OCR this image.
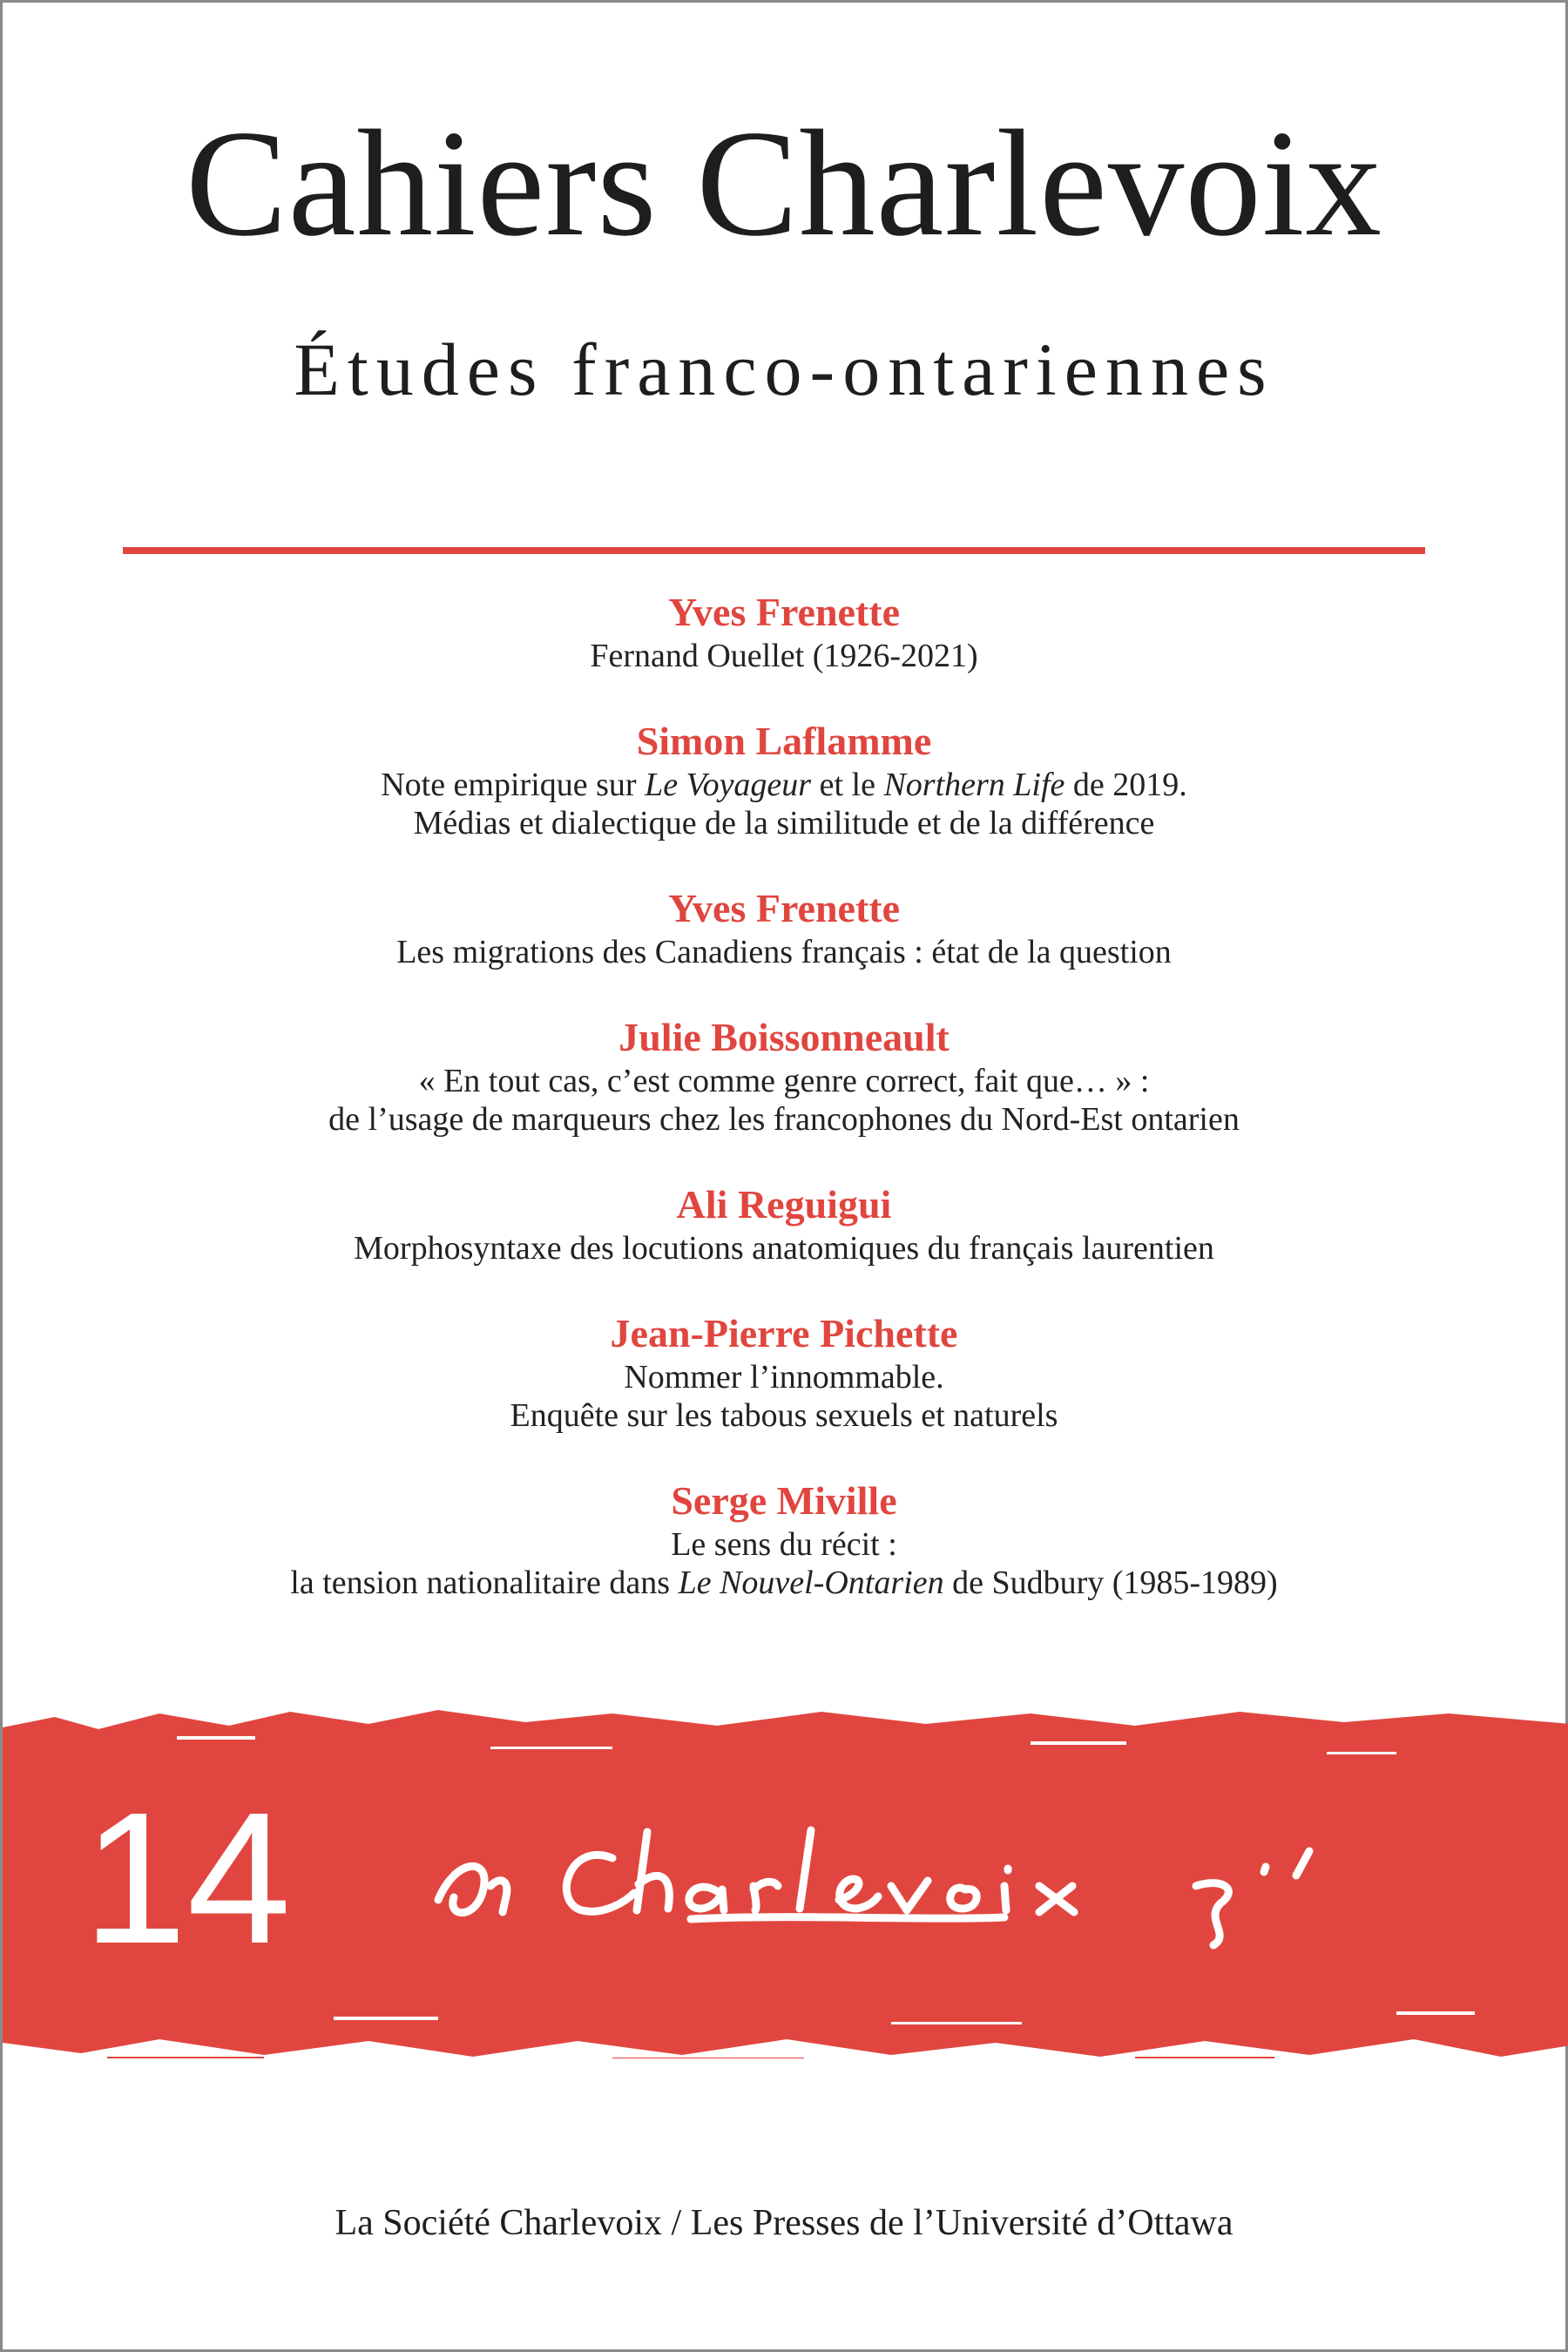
Cahiers Charlevoix
Études franco-ontariennes
Yves Frenette
Fernand Ouellet (1926-2021)
Simon Laflamme
Note empirique sur Le Voyageur et le Northern Life de 2019.
Médias et dialectique de la similitude et de la différence
Yves Frenette
Les migrations des Canadiens français : état de la question
Julie Boissonneault
« En tout cas, c’est comme genre correct, fait que… » :
de l’usage de marqueurs chez les francophones du Nord-Est ontarien
Ali Reguigui
Morphosyntaxe des locutions anatomiques du français laurentien
Jean-Pierre Pichette
Nommer l’innommable.
Enquête sur les tabous sexuels et naturels
Serge Miville
Le sens du récit :
la tension nationalitaire dans Le Nouvel-Ontarien de Sudbury (1985-1989)
14
La Société Charlevoix / Les Presses de l’Université d’Ottawa
